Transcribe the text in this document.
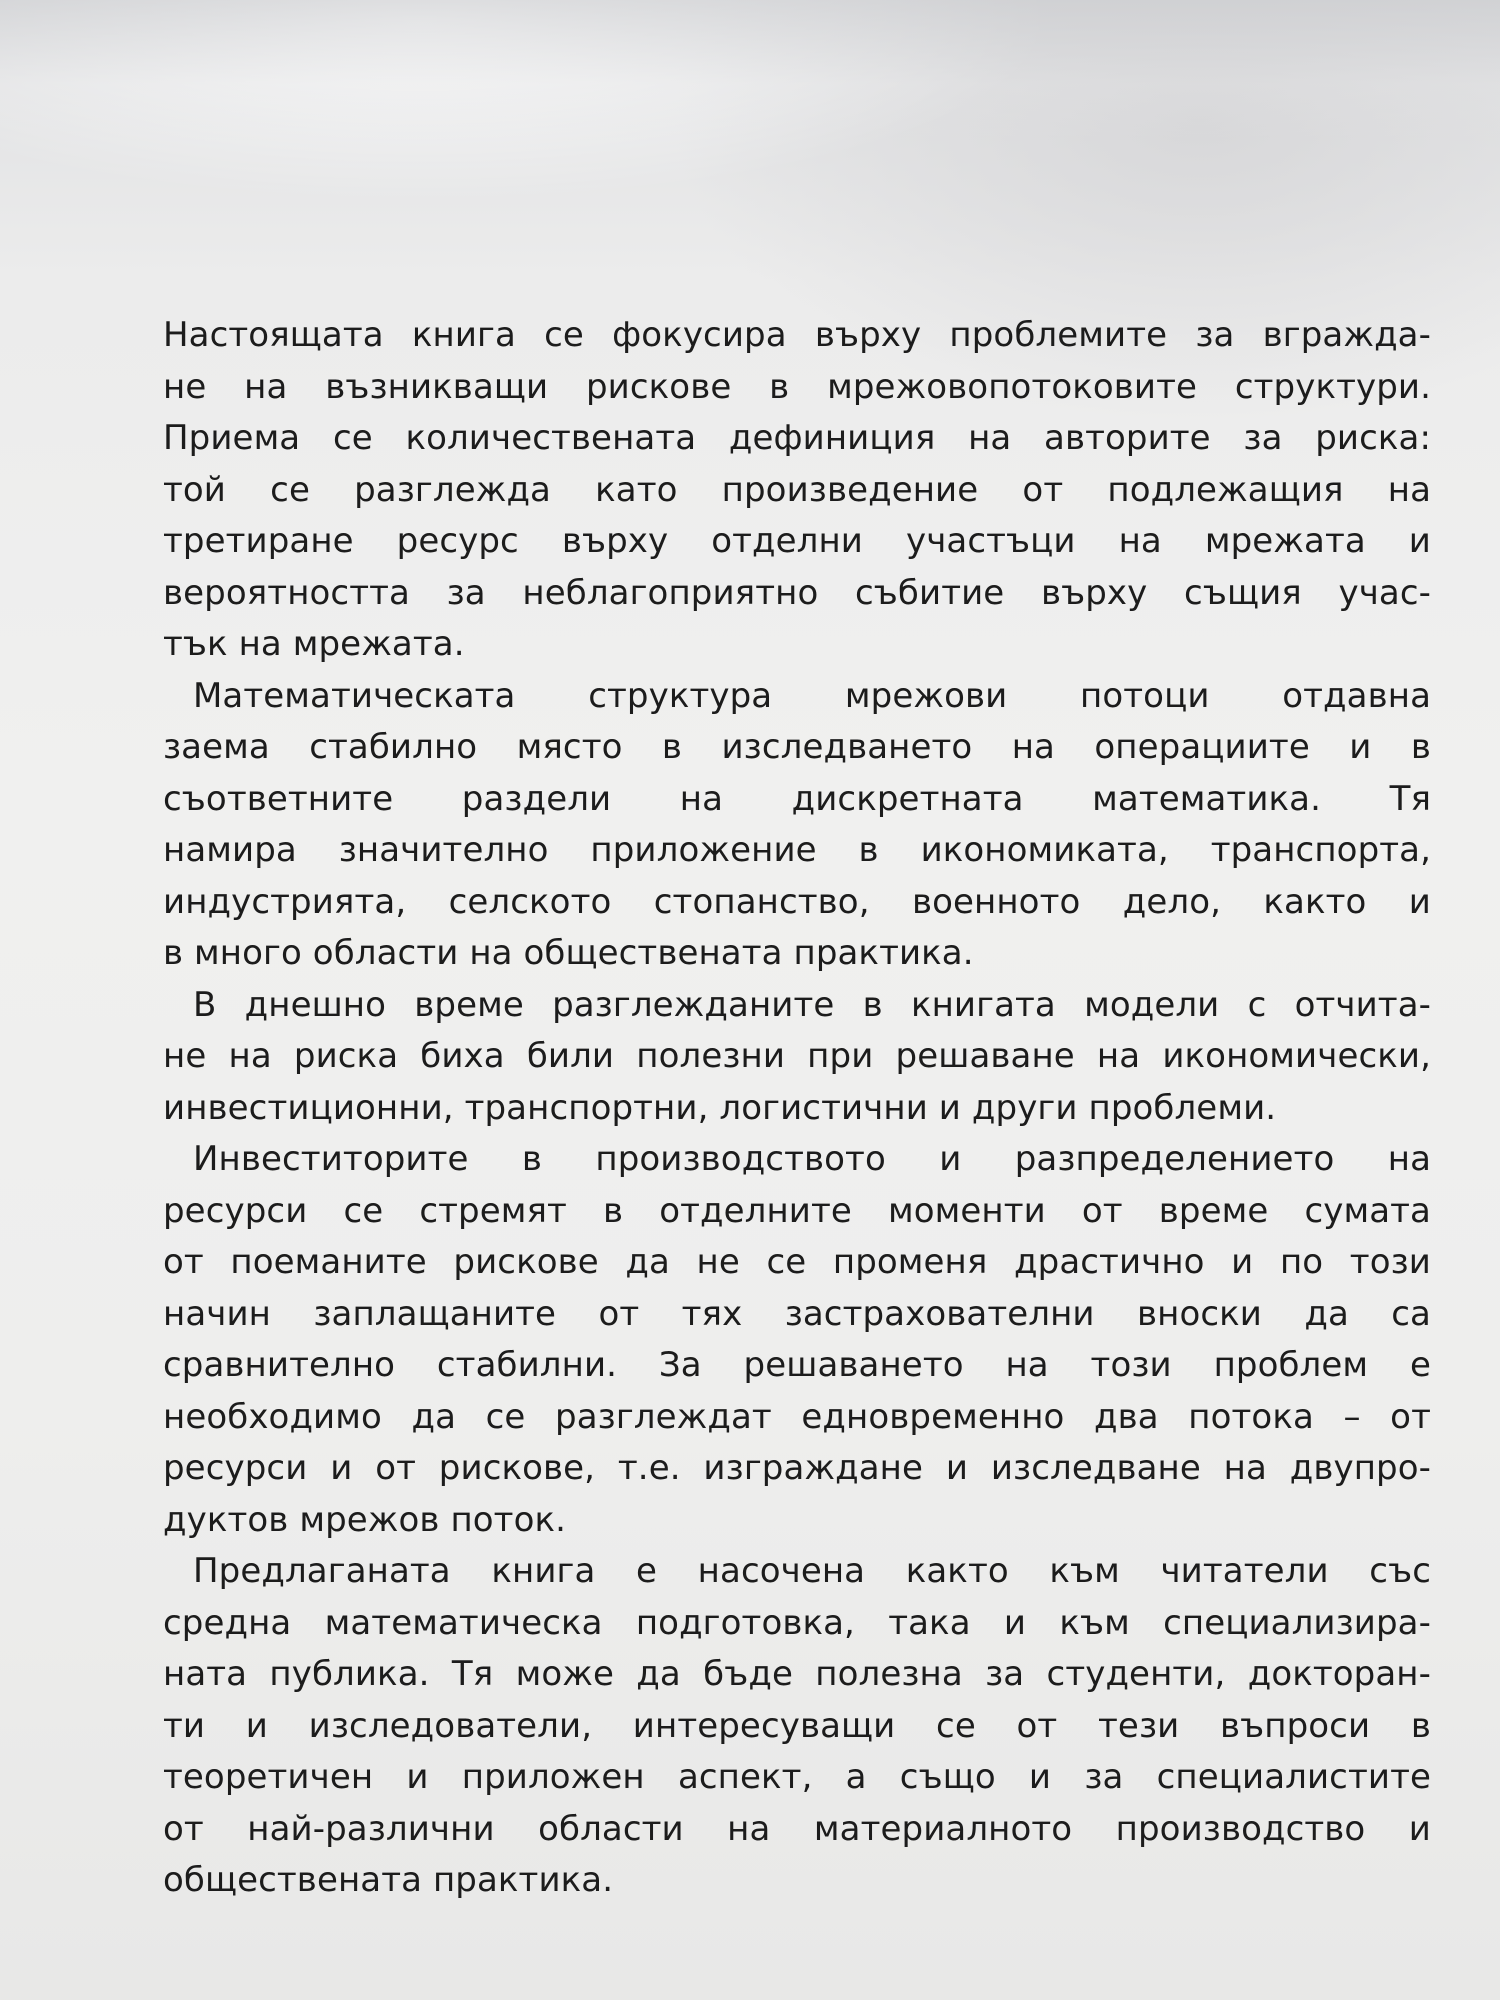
Настоящата книга се фокусира върху проблемите за вгражда-
не на възникващи рискове в мрежовопотоковите структури.
Приема се количествената дефиниция на авторите за риска:
той се разглежда като произведение от подлежащия на
третиране ресурс върху отделни участъци на мрежата и
вероятността за неблагоприятно събитие върху същия учас-
тък на мрежата.
Математическата структура мрежови потоци отдавна
заема стабилно място в изследването на операциите и в
съответните раздели на дискретната математика. Тя
намира значително приложение в икономиката, транспорта,
индустрията, селското стопанство, военното дело, както и
в много области на обществената практика.
В днешно време разглежданите в книгата модели с отчита-
не на риска биха били полезни при решаване на икономически,
инвестиционни, транспортни, логистични и други проблеми.
Инвеститорите в производството и разпределението на
ресурси се стремят в отделните моменти от време сумата
от поеманите рискове да не се променя драстично и по този
начин заплащаните от тях застрахователни вноски да са
сравнително стабилни. За решаването на този проблем е
необходимо да се разглеждат едновременно два потока – от
ресурси и от рискове, т.е. изграждане и изследване на двупро-
дуктов мрежов поток.
Предлаганата книга е насочена както към читатели със
средна математическа подготовка, така и към специализира-
ната публика. Тя може да бъде полезна за студенти, докторан-
ти и изследователи, интересуващи се от тези въпроси в
теоретичен и приложен аспект, а също и за специалистите
от най-различни области на материалното производство и
обществената практика.
